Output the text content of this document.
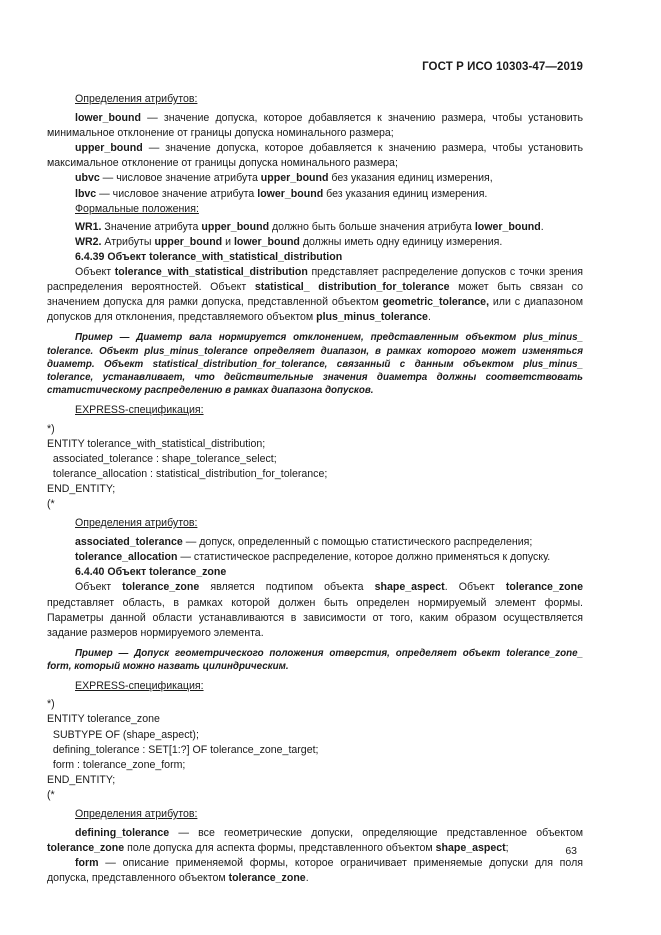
ГОСТ Р ИСО 10303-47—2019

Определения атрибутов:

lower_bound — значение допуска, которое добавляется к значению размера, чтобы установить минимальное отклонение от границы допуска номинального размера;

upper_bound — значение допуска, которое добавляется к значению размера, чтобы установить максимальное отклонение от границы допуска номинального размера;

ubvc — числовое значение атрибута upper_bound без указания единиц измерения,

lbvc — числовое значение атрибута lower_bound без указания единиц измерения.

Формальные положения:

WR1. Значение атрибута upper_bound должно быть больше значения атрибута lower_bound.

WR2. Атрибуты upper_bound и lower_bound должны иметь одну единицу измерения.

6.4.39 Объект tolerance_with_statistical_distribution

Объект tolerance_with_statistical_distribution представляет распределение допусков с точки зрения распределения вероятностей. Объект statistical_ distribution_for_tolerance может быть связан со значением допуска для рамки допуска, представленной объектом geometric_tolerance, или с диапазоном допусков для отклонения, представляемого объектом plus_minus_tolerance.

Пример — Диаметр вала нормируется отклонением, представленным объектом plus_minus_ tolerance. Объект plus_minus_tolerance определяет диапазон, в рамках которого может изменяться диаметр. Объект statistical_distribution_for_tolerance, связанный с данным объектом plus_minus_ tolerance, устанавливает, что действительные значения диаметра должны соответствовать статистическому распределению в рамках диапазона допусков.

EXPRESS-спецификация:

*)

ENTITY tolerance_with_statistical_distribution;

associated_tolerance : shape_tolerance_select;

tolerance_allocation : statistical_distribution_for_tolerance;

END_ENTITY;

(*

Определения атрибутов:

associated_tolerance — допуск, определенный с помощью статистического распределения;

tolerance_allocation — статистическое распределение, которое должно применяться к допуску.

6.4.40 Объект tolerance_zone

Объект tolerance_zone является подтипом объекта shape_aspect. Объект tolerance_zone представляет область, в рамках которой должен быть определен нормируемый элемент формы. Параметры данной области устанавливаются в зависимости от того, каким образом осуществляется задание размеров нормируемого элемента.

Пример — Допуск геометрического положения отверстия, определяет объект tolerance_zone_ form, который можно назвать цилиндрическим.

EXPRESS-спецификация:

*)

ENTITY tolerance_zone

SUBTYPE OF (shape_aspect);

defining_tolerance : SET[1:?] OF tolerance_zone_target;

form : tolerance_zone_form;

END_ENTITY;

(*

Определения атрибутов:

defining_tolerance — все геометрические допуски, определяющие представленное объектом tolerance_zone поле допуска для аспекта формы, представленного объектом shape_aspect;

form — описание применяемой формы, которое ограничивает применяемые допуски для поля допуска, представленного объектом tolerance_zone.

63
